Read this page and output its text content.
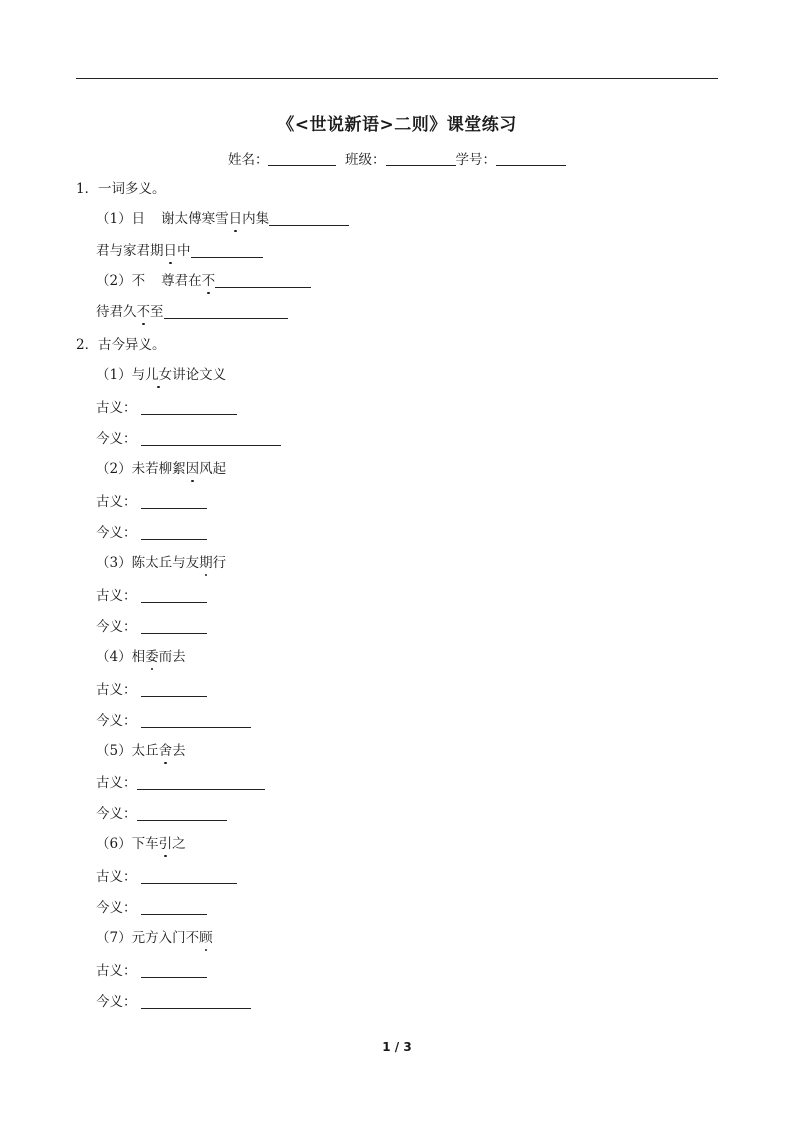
《<世说新语>二则》课堂练习
姓名：	班级：	学号：
1．一词多义。
（1）日 谢太傅寒雪日内集
君与家君期日中
（2）不 尊君在不
待君久不至
2．古今异义。
（1）与儿女讲论文义
古义：
今义：
（2）未若柳絮因风起
古义：
今义：
（3）陈太丘与友期行
古义：
今义：
（4）相委而去
古义：
今义：
（5）太丘舍去
古义：
今义：
（6）下车引之
古义：
今义：
（7）元方入门不顾
古义：
今义：
1 / 3
